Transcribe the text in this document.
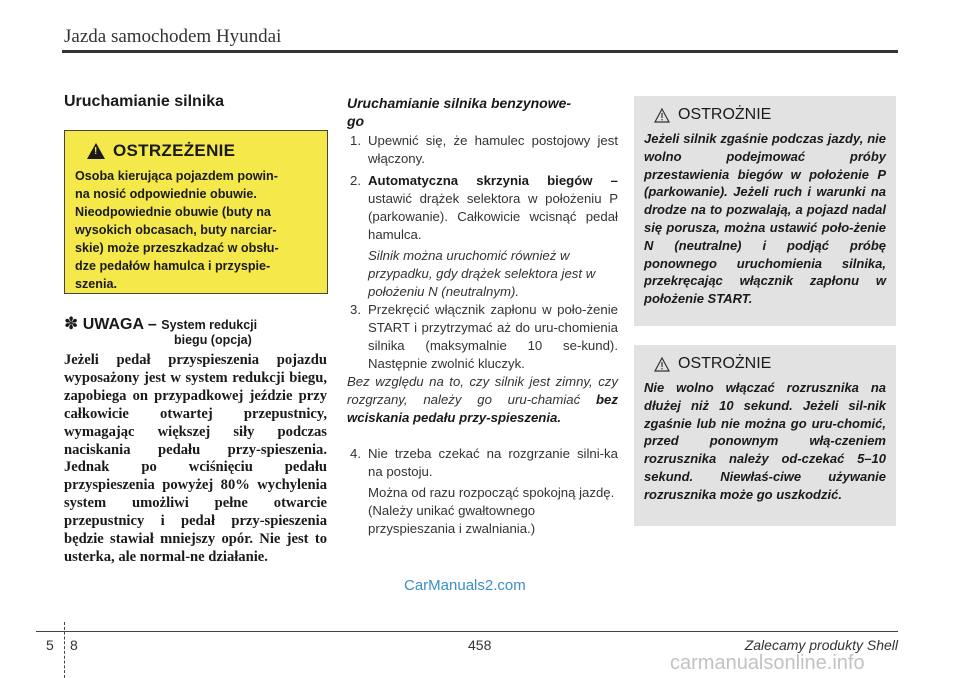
Jazda samochodem Hyundai
Uruchamianie silnika
!
OSTRZEŻENIE
Osoba kierująca pojazdem powin-
na nosić odpowiednie obuwie.
Nieodpowiednie obuwie (buty na
wysokich obcasach, buty narciar-
skie) może przeszkadzać w obsłu-
dze pedałów hamulca i przyspie-
szenia.
✽ UWAGA – System redukcji
biegu (opcja)
Jeżeli pedał przyspieszenia pojazdu wyposażony jest w system redukcji biegu, zapobiega on przypadkowej jeździe przy całkowicie otwartej przepustnicy, wymagając większej siły podczas naciskania pedału przy-spieszenia. Jednak po wciśnięciu pedału przyspieszenia powyżej 80% wychylenia system umożliwi pełne otwarcie przepustnicy i pedał przy-spieszenia będzie stawiał mniejszy opór. Nie jest to usterka, ale normal-ne działanie.
Uruchamianie silnika benzynowe-
go
1. Upewnić się, że hamulec postojowy jest włączony.
2. Automatyczna skrzynia biegów – ustawić drążek selektora w położeniu P (parkowanie). Całkowicie wcisnąć pedał hamulca.
Silnik można uruchomić również w przypadku, gdy drążek selektora jest w położeniu N (neutralnym).
3. Przekręcić włącznik zapłonu w poło-żenie START i przytrzymać aż do uru-chomienia silnika (maksymalnie 10 se-kund). Następnie zwolnić kluczyk.
Bez względu na to, czy silnik jest zimny, czy rozgrzany, należy go uru-chamiać bez wciskania pedału przy-spieszenia.
4. Nie trzeba czekać na rozgrzanie silni-ka na postoju.
Można od razu rozpocząć spokojną jazdę. (Należy unikać gwałtownego przyspieszania i zwalniania.)
OSTROŻNIE
Jeżeli silnik zgaśnie podczas jazdy, nie wolno podejmować próby przestawienia biegów w położenie P (parkowanie). Jeżeli ruch i warunki na drodze na to pozwalają, a pojazd nadal się porusza, można ustawić poło-żenie N (neutralne) i podjąć próbę ponownego uruchomienia silnika, przekręcając włącznik zapłonu w położenie START.
OSTROŻNIE
Nie wolno włączać rozrusznika na dłużej niż 10 sekund. Jeżeli sil-nik zgaśnie lub nie można go uru-chomić, przed ponownym włą-czeniem rozrusznika należy od-czekać 5–10 sekund. Niewłaś-ciwe używanie rozrusznika może go uszkodzić.
CarManuals2.com
5 8	458	Zalecamy produkty Shell
carmanualsonline.info
